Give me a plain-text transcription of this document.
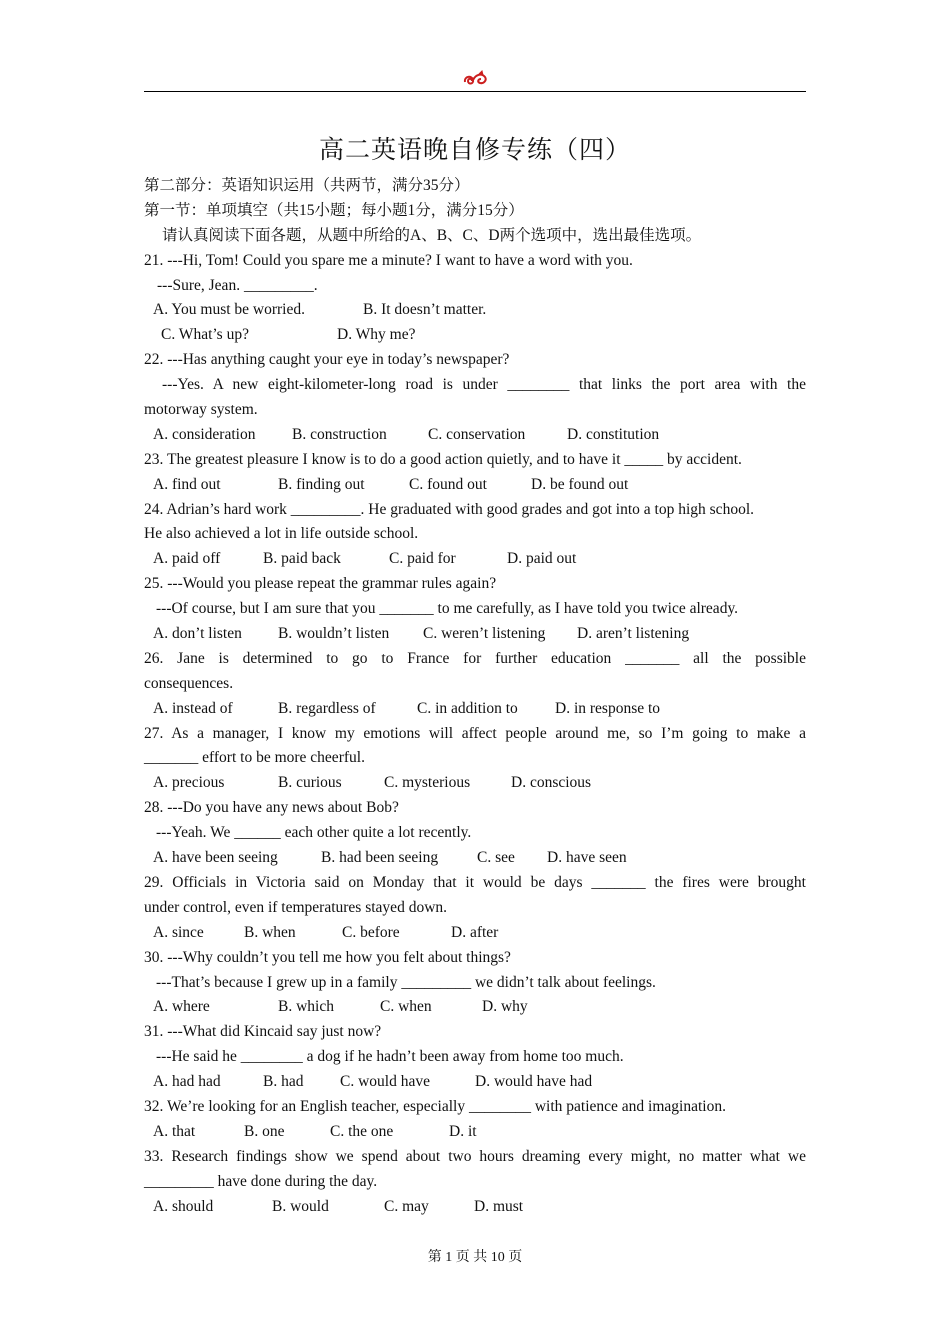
高二英语晚自修专练（四）
第二部分：英语知识运用（共两节，满分35分）
第一节：单项填空（共15小题；每小题1分，满分15分）
请认真阅读下面各题，从题中所给的A、B、C、D两个选项中，选出最佳选项。
21. ---Hi, Tom! Could you spare me a minute? I want to have a word with you.
---Sure, Jean. _________.
A. You must be worried.	B. It doesn’t matter.
C. What’s up?	D. Why me?
22. ---Has anything caught your eye in today’s newspaper?
---Yes. A new eight-kilometer-long road is under ________ that links the port area with the
motorway system.
A. consideration B. construction	C. conservation	D. constitution
23. The greatest pleasure I know is to do a good action quietly, and to have it _____ by accident.
A. find out	B. finding out	C. found out	D. be found out
24. Adrian’s hard work _________. He graduated with good grades and got into a top high school.
He also achieved a lot in life outside school.
A. paid off	B. paid back	C. paid for	D. paid out
25. ---Would you please repeat the grammar rules again?
---Of course, but I am sure that you _______ to me carefully, as I have told you twice already.
A. don’t listen B. wouldn’t listen C. weren’t listening D. aren’t listening
26. Jane is determined to go to France for further education _______ all the possible
consequences.
A. instead of	B. regardless of	C. in addition to D. in response to
27. As a manager, I know my emotions will affect people around me, so I’m going to make a
_______ effort to be more cheerful.
A. precious	B. curious	C. mysterious	D. conscious
28. ---Do you have any news about Bob?
---Yeah. We ______ each other quite a lot recently.
A. have been seeing	B. had been seeing	C. see D. have seen
29. Officials in Victoria said on Monday that it would be days _______ the fires were brought
under control, even if temperatures stayed down.
A. since	B. when	C. before	D. after
30. ---Why couldn’t you tell me how you felt about things?
---That’s because I grew up in a family _________ we didn’t talk about feelings.
A. where	B. which	C. when	D. why
31. ---What did Kincaid say just now?
---He said he ________ a dog if he hadn’t been away from home too much.
A. had had	B. had C. would have	D. would have had
32. We’re looking for an English teacher, especially ________ with patience and imagination.
A. that	B. one	C. the one	D. it
33. Research findings show we spend about two hours dreaming every might, no matter what we
_________ have done during the day.
A. should	B. would	C. may	D. must
第 1 页 共 10 页
